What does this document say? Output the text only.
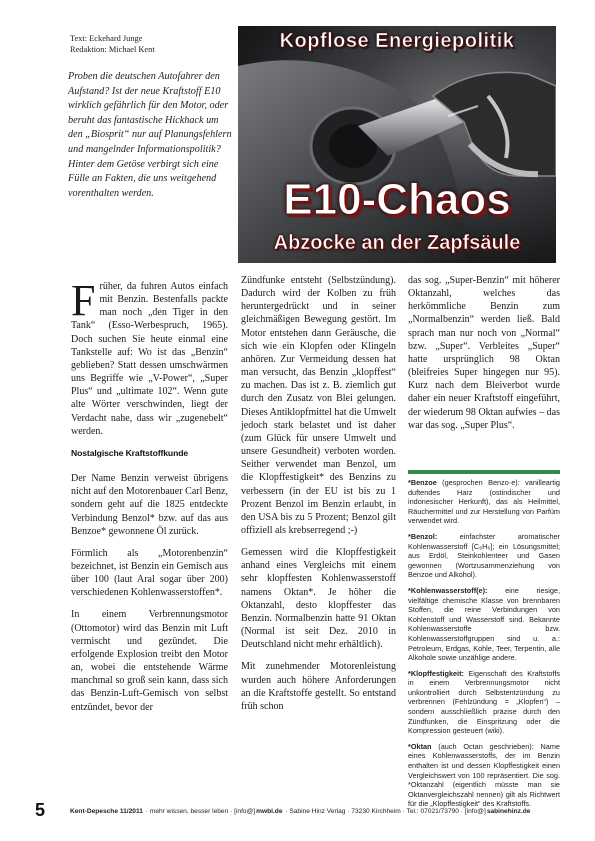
Text: Eckehard Junge
Redaktion: Michael Kent
Proben die deutschen Autofahrer den Aufstand? Ist der neue Kraftstoff E10 wirklich gefährlich für den Motor, oder beruht das fantastische Hickhack um den „Biosprit“ nur auf Planungsfehlern und mangelnder Informationspolitik? Hinter dem Getöse verbirgt sich eine Fülle an Fakten, die uns weitgehend vorenthalten werden.
Kopflose Energiepolitik
E10-Chaos
Abzocke an der Zapfsäule

Früher, da fuhren Autos einfach mit Benzin. Bestenfalls packte man noch „den Tiger in den Tank“ (Esso-Werbespruch, 1965). Doch suchen Sie heute einmal eine Tankstelle auf: Wo ist das „Benzin“ geblieben? Statt dessen umschwärmen uns Begriffe wie „V-Power“, „Super Plus“ und „ultimate 102“. Wenn gute alte Wörter verschwinden, liegt der Verdacht nahe, dass wir „zugenebelt“ werden.

Nostalgische Kraftstoffkunde

Der Name Benzin verweist übrigens nicht auf den Motorenbauer Carl Benz, sondern geht auf die 1825 entdeckte Verbindung Benzol* bzw. auf das aus Benzoe* gewonnene Öl zurück.

Förmlich als „Motorenbenzin“ bezeichnet, ist Benzin ein Gemisch aus über 100 (laut Aral sogar über 200) verschiedenen Kohlenwasserstoffen*.

In einem Verbrennungsmotor (Ottomotor) wird das Benzin mit Luft vermischt und gezündet. Die erfolgende Explosion treibt den Motor an, wobei die entstehende Wärme manchmal so groß sein kann, dass sich das Benzin-Luft-Gemisch von selbst entzündet, bevor der

Zündfunke entsteht (Selbstzündung). Dadurch wird der Kolben zu früh heruntergedrückt und in seiner gleichmäßigen Bewegung gestört. Im Motor entstehen dann Geräusche, die sich wie ein Klopfen oder Klingeln anhören. Zur Vermeidung dessen hat man versucht, das Benzin „klopffest“ zu machen. Das ist z. B. ziemlich gut durch den Zusatz von Blei gelungen. Dieses Antiklopfmittel hat die Umwelt jedoch stark belastet und ist daher (zum Glück für unsere Umwelt und unsere Gesundheit) verboten worden. Seither verwendet man Benzol, um die Klopffestigkeit* des Benzins zu verbessern (in der EU ist bis zu 1 Prozent Benzol im Benzin erlaubt, in den USA bis zu 5 Prozent; Benzol gilt offiziell als krebserregend ;-)

Gemessen wird die Klopffestigkeit anhand eines Vergleichs mit einem sehr klopffesten Kohlenwasserstoff namens Oktan*. Je höher die Oktanzahl, desto klopffester das Benzin. Normalbenzin hatte 91 Oktan (Normal ist seit Dez. 2010 in Deutschland nicht mehr erhältlich).

Mit zunehmender Motorenleistung wurden auch höhere Anforderungen an die Kraftstoffe gestellt. So entstand früh schon

das sog. „Super-Benzin“ mit höherer Oktanzahl, welches das herkömmliche Benzin zum „Normalbenzin“ werden ließ. Bald sprach man nur noch von „Normal“ bzw. „Super“. Verbleites „Super“ hatte ursprünglich 98 Oktan (bleifreies Super hingegen nur 95). Kurz nach dem Bleiverbot wurde daher ein neuer Kraftstoff eingeführt, der wiederum 98 Oktan aufwies – das war das sog. „Super Plus“.

*Benzoe (gesprochen Benzo·e): vanilleartig duftendes Harz (ostindischer und indonesischer Herkunft), das als Heilmittel, Räuchermittel und zur Herstellung von Parfüm verwendet wird.
*Benzol: einfachster aromatischer Kohlenwasserstoff [C₆H₆]; ein Lösungsmittel; aus Erdöl, Steinkohlenteer und Gasen gewonnen (Wortzusammenziehung von Benzoe und Alkohol).
*Kohlenwasserstoff(e): eine riesige, vielfältige chemische Klasse von brennbaren Stoffen, die reine Verbindungen von Kohlenstoff und Wasserstoff sind. Bekannte Kohlenwasserstoffe bzw. Kohlenwasserstoffgruppen sind u. a.: Petroleum, Erdgas, Kohle, Teer, Terpentin, alle Alkohole sowie unzählige andere.
*Klopffestigkeit: Eigenschaft des Kraftstoffs in einem Verbrennungsmotor nicht unkontrolliert durch Selbstentzündung zu verbrennen (Fehlzündung = „Klopfen“) – sondern ausschließlich präzise durch den Zündfunken, die Einspritzung oder die Kompression gesteuert (wiki).
*Oktan (auch Octan geschrieben): Name eines Kohlenwasserstoffs, der im Benzin enthalten ist und dessen Klopffestigkeit einen Vergleichswert von 100 repräsentiert. Die sog. *Oktanzahl (eigentlich müsste man sie Oktanvergleichszahl nennen) gilt als Richtwert für die „Klopffestigkeit“ des Kraftstoffs.
5	Kent-Depesche 11/2011 · mehr wissen, besser leben · [info@]mwbl.de · Sabine Hinz Verlag · 73230 Kirchheim · Tel.: 07021/73790 · [info@]sabinehinz.de
